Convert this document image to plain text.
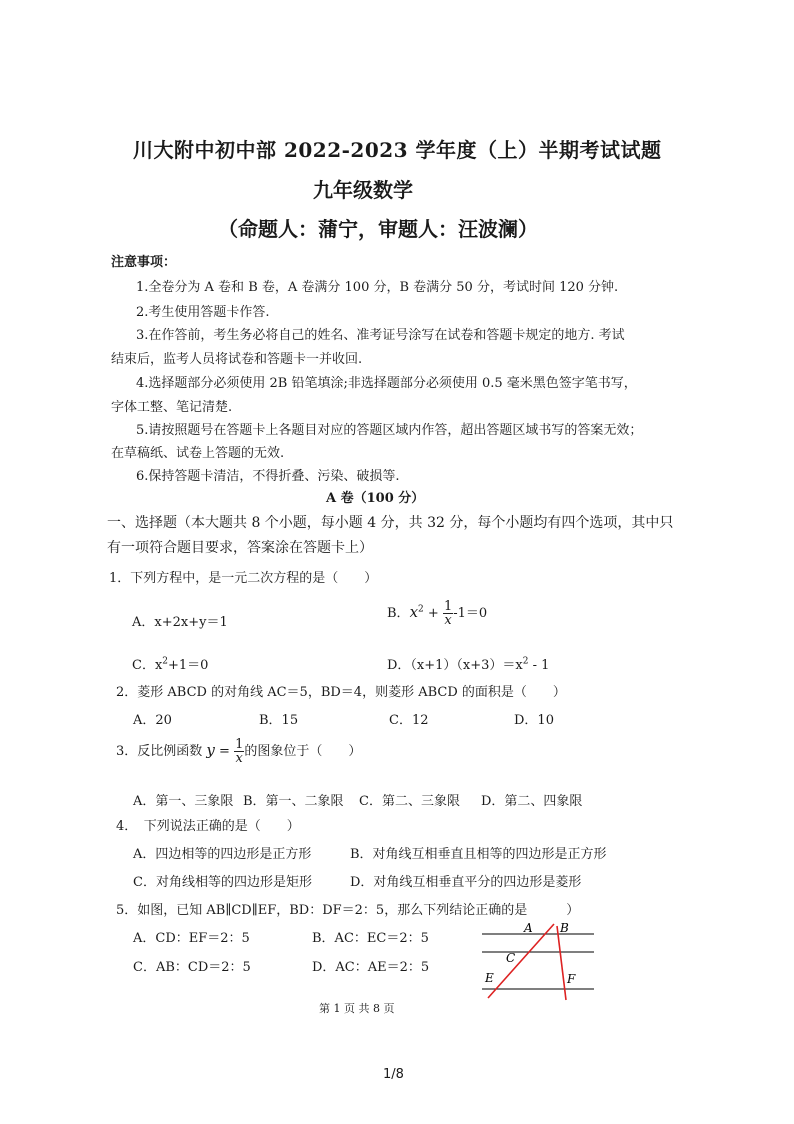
川大附中初中部 2022-2023 学年度（上）半期考试试题
九年级数学
（命题人：蒲宁，审题人：汪波澜）
注意事项：
1.全卷分为 A 卷和 B 卷，A 卷满分 100 分，B 卷满分 50 分，考试时间 120 分钟.
2.考生使用答题卡作答.
3.在作答前，考生务必将自己的姓名、准考证号涂写在试卷和答题卡规定的地方. 考试
结束后，监考人员将试卷和答题卡一并收回.
4.选择题部分必须使用 2B 铅笔填涂;非选择题部分必须使用 0.5 毫米黑色签字笔书写，
字体工整、笔记清楚.
5.请按照题号在答题卡上各题目对应的答题区域内作答，超出答题区域书写的答案无效；
在草稿纸、试卷上答题的无效.
6.保持答题卡清洁，不得折叠、污染、破损等.
A 卷（100 分）
一、选择题（本大题共 8 个小题，每小题 4 分，共 32 分，每个小题均有四个选项，其中只
有一项符合题目要求，答案涂在答题卡上）
1．下列方程中，是一元二次方程的是（　　）
A．x+2x+y＝1
B．$x^2 + \frac{1}{x} -1=0$
C．$x^2+1=0$	D．$(x+1)(x+3)=x^2 - 1$
2．菱形 ABCD 的对角线 AC＝5，BD＝4，则菱形 ABCD 的面积是（　　）
A．20	B．15	C．12	D．10
3．反比例函数 $y = \frac{1}{x}$ 的图象位于（　　）
A．第一、三象限 B．第一、二象限 C．第二、三象限 D．第二、四象限
4．　下列说法正确的是（　　）
A．四边相等的四边形是正方形	B．对角线互相垂直且相等的四边形是正方形
C．对角线相等的四边形是矩形	D．对角线互相垂直平分的四边形是菱形
5．如图，已知 AB∥CD∥EF，BD：DF＝2：5，那么下列结论正确的是　　　）
A．CD：EF＝2：5	B．AC：EC＝2：5
C．AB：CD＝2：5	D．AC：AE＝2：5
A B
C
E	F
第 1 页 共 8 页
1/8
